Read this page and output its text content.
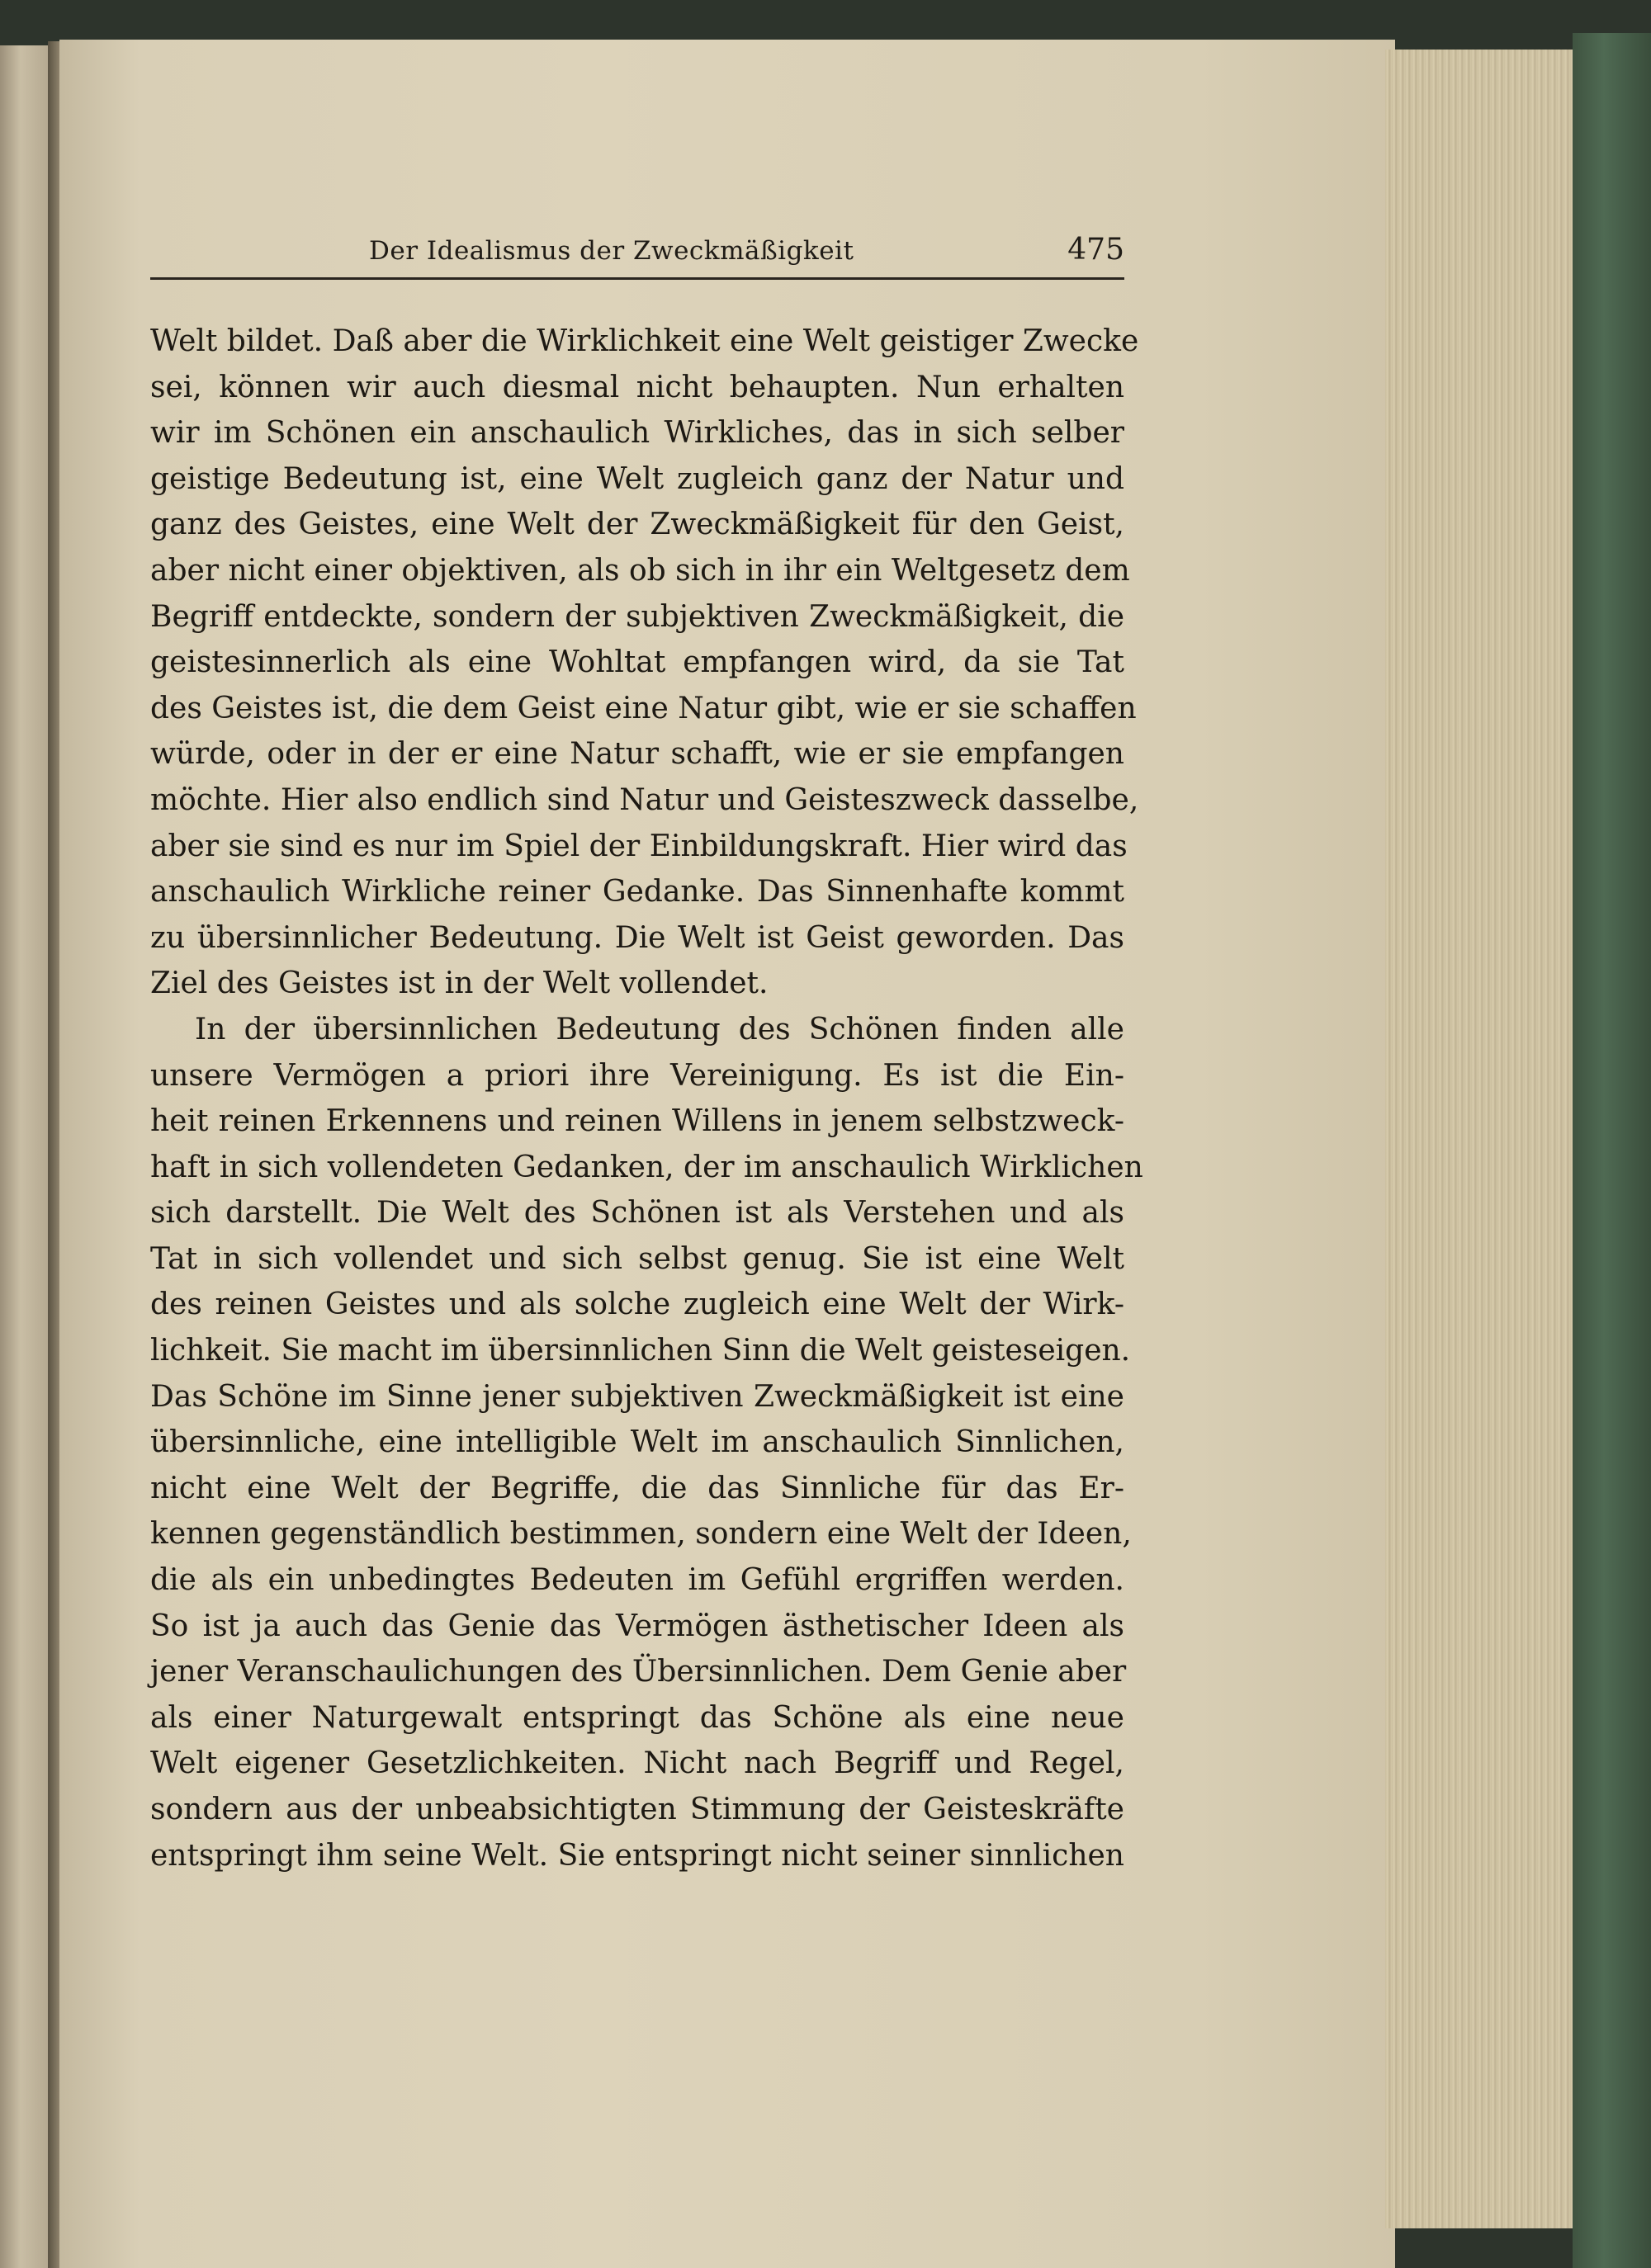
Der Idealismus der Zweckmäßigkeit	475
Welt bildet. Daß aber die Wirklichkeit eine Welt geistiger Zwecke
sei, können wir auch diesmal nicht behaupten. Nun erhalten
wir im Schönen ein anschaulich Wirkliches, das in sich selber
geistige Bedeutung ist, eine Welt zugleich ganz der Natur und
ganz des Geistes, eine Welt der Zweckmäßigkeit für den Geist,
aber nicht einer objektiven, als ob sich in ihr ein Weltgesetz dem
Begriff entdeckte, sondern der subjektiven Zweckmäßigkeit, die
geistesinnerlich als eine Wohltat empfangen wird, da sie Tat
des Geistes ist, die dem Geist eine Natur gibt, wie er sie schaffen
würde, oder in der er eine Natur schafft, wie er sie empfangen
möchte. Hier also endlich sind Natur und Geisteszweck dasselbe,
aber sie sind es nur im Spiel der Einbildungskraft. Hier wird das
anschaulich Wirkliche reiner Gedanke. Das Sinnenhafte kommt
zu übersinnlicher Bedeutung. Die Welt ist Geist geworden. Das
Ziel des Geistes ist in der Welt vollendet.
In der übersinnlichen Bedeutung des Schönen finden alle
unsere Vermögen a priori ihre Vereinigung. Es ist die Ein-
heit reinen Erkennens und reinen Willens in jenem selbstzweck-
haft in sich vollendeten Gedanken, der im anschaulich Wirklichen
sich darstellt. Die Welt des Schönen ist als Verstehen und als
Tat in sich vollendet und sich selbst genug. Sie ist eine Welt
des reinen Geistes und als solche zugleich eine Welt der Wirk-
lichkeit. Sie macht im übersinnlichen Sinn die Welt geisteseigen.
Das Schöne im Sinne jener subjektiven Zweckmäßigkeit ist eine
übersinnliche, eine intelligible Welt im anschaulich Sinnlichen,
nicht eine Welt der Begriffe, die das Sinnliche für das Er-
kennen gegenständlich bestimmen, sondern eine Welt der Ideen,
die als ein unbedingtes Bedeuten im Gefühl ergriffen werden.
So ist ja auch das Genie das Vermögen ästhetischer Ideen als
jener Veranschaulichungen des Übersinnlichen. Dem Genie aber
als einer Naturgewalt entspringt das Schöne als eine neue
Welt eigener Gesetzlichkeiten. Nicht nach Begriff und Regel,
sondern aus der unbeabsichtigten Stimmung der Geisteskräfte
entspringt ihm seine Welt. Sie entspringt nicht seiner sinnlichen
